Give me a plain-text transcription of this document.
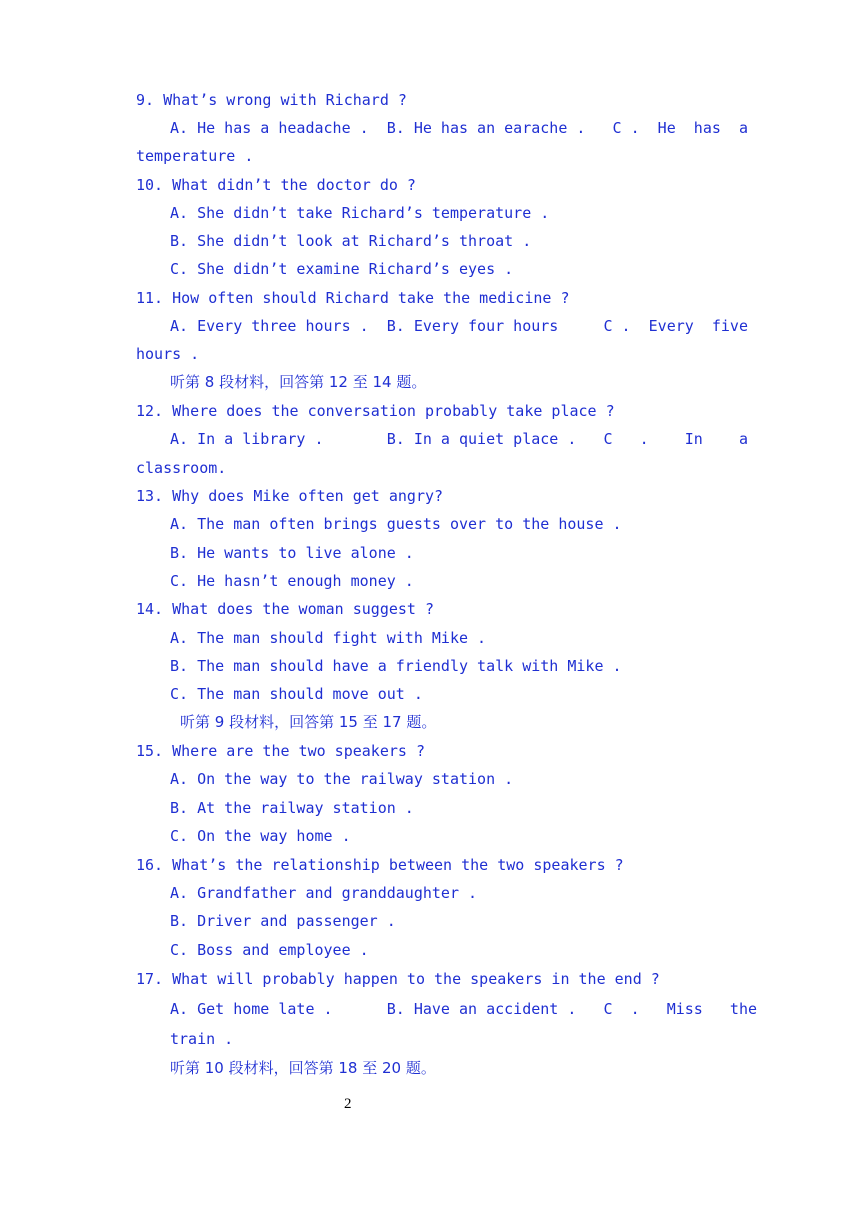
9. What’s wrong with Richard ?
A. He has a headache .  B. He has an earache .   C .  He  has  a
temperature .
10. What didn’t the doctor do ?
A. She didn’t take Richard’s temperature .
B. She didn’t look at Richard’s throat .
C. She didn’t examine Richard’s eyes .
11. How often should Richard take the medicine ?
A. Every three hours .  B. Every four hours     C .  Every  five
hours .
听第 8 段材料，回答第 12 至 14 题。
12. Where does the conversation probably take place ?
A. In a library .       B. In a quiet place .   C   .    In    a
classroom.
13. Why does Mike often get angry?
A. The man often brings guests over to the house .
B. He wants to live alone .
C. He hasn’t enough money .
14. What does the woman suggest ?
A. The man should fight with Mike .
B. The man should have a friendly talk with Mike .
C. The man should move out .
听第 9 段材料，回答第 15 至 17 题。
15. Where are the two speakers ?
A. On the way to the railway station .
B. At the railway station .
C. On the way home .
16. What’s the relationship between the two speakers ?
A. Grandfather and granddaughter .
B. Driver and passenger .
C. Boss and employee .
17. What will probably happen to the speakers in the end ?
A. Get home late .      B. Have an accident .   C  .   Miss   the
train .
听第 10 段材料，回答第 18 至 20 题。
2
